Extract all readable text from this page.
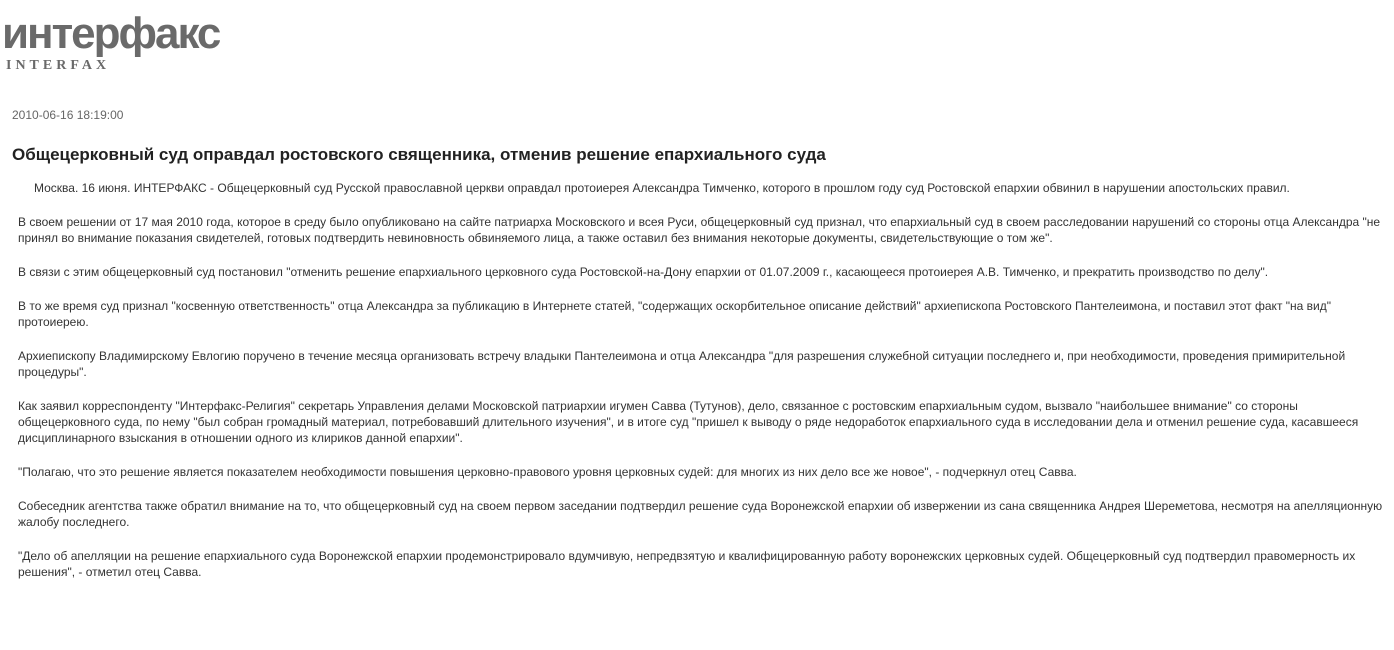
интерфакс
INTERFAX
2010-06-16 18:19:00
Общецерковный суд оправдал ростовского священника, отменив решение епархиального суда

Москва. 16 июня. ИНТЕРФАКС - Общецерковный суд Русской православной церкви оправдал протоиерея Александра Тимченко, которого в прошлом году суд Ростовской епархии обвинил в нарушении апостольских правил.

В своем решении от 17 мая 2010 года, которое в среду было опубликовано на сайте патриарха Московского и всея Руси, общецерковный суд признал, что епархиальный суд в своем расследовании нарушений со стороны отца Александра "не принял во внимание показания свидетелей, готовых подтвердить невиновность обвиняемого лица, а также оставил без внимания некоторые документы, свидетельствующие о том же".

В связи с этим общецерковный суд постановил "отменить решение епархиального церковного суда Ростовской-на-Дону епархии от 01.07.2009 г., касающееся протоиерея А.В. Тимченко, и прекратить производство по делу".

В то же время суд признал "косвенную ответственность" отца Александра за публикацию в Интернете статей, "содержащих оскорбительное описание действий" архиепископа Ростовского Пантелеимона, и поставил этот факт "на вид" протоиерею.

Архиепископу Владимирскому Евлогию поручено в течение месяца организовать встречу владыки Пантелеимона и отца Александра "для разрешения служебной ситуации последнего и, при необходимости, проведения примирительной процедуры".

Как заявил корреспонденту "Интерфакс-Религия" секретарь Управления делами Московской патриархии игумен Савва (Тутунов), дело, связанное с ростовским епархиальным судом, вызвало "наибольшее внимание" со стороны общецерковного суда, по нему "был собран громадный материал, потребовавший длительного изучения", и в итоге суд "пришел к выводу о ряде недоработок епархиального суда в исследовании дела и отменил решение суда, касавшееся дисциплинарного взыскания в отношении одного из клириков данной епархии".

"Полагаю, что это решение является показателем необходимости повышения церковно-правового уровня церковных судей: для многих из них дело все же новое", - подчеркнул отец Савва.

Собеседник агентства также обратил внимание на то, что общецерковный суд на своем первом заседании подтвердил решение суда Воронежской епархии об извержении из сана священника Андрея Шереметова, несмотря на апелляционную жалобу последнего.

"Дело об апелляции на решение епархиального суда Воронежской епархии продемонстрировало вдумчивую, непредвзятую и квалифицированную работу воронежских церковных судей. Общецерковный суд подтвердил правомерность их решения", - отметил отец Савва.
